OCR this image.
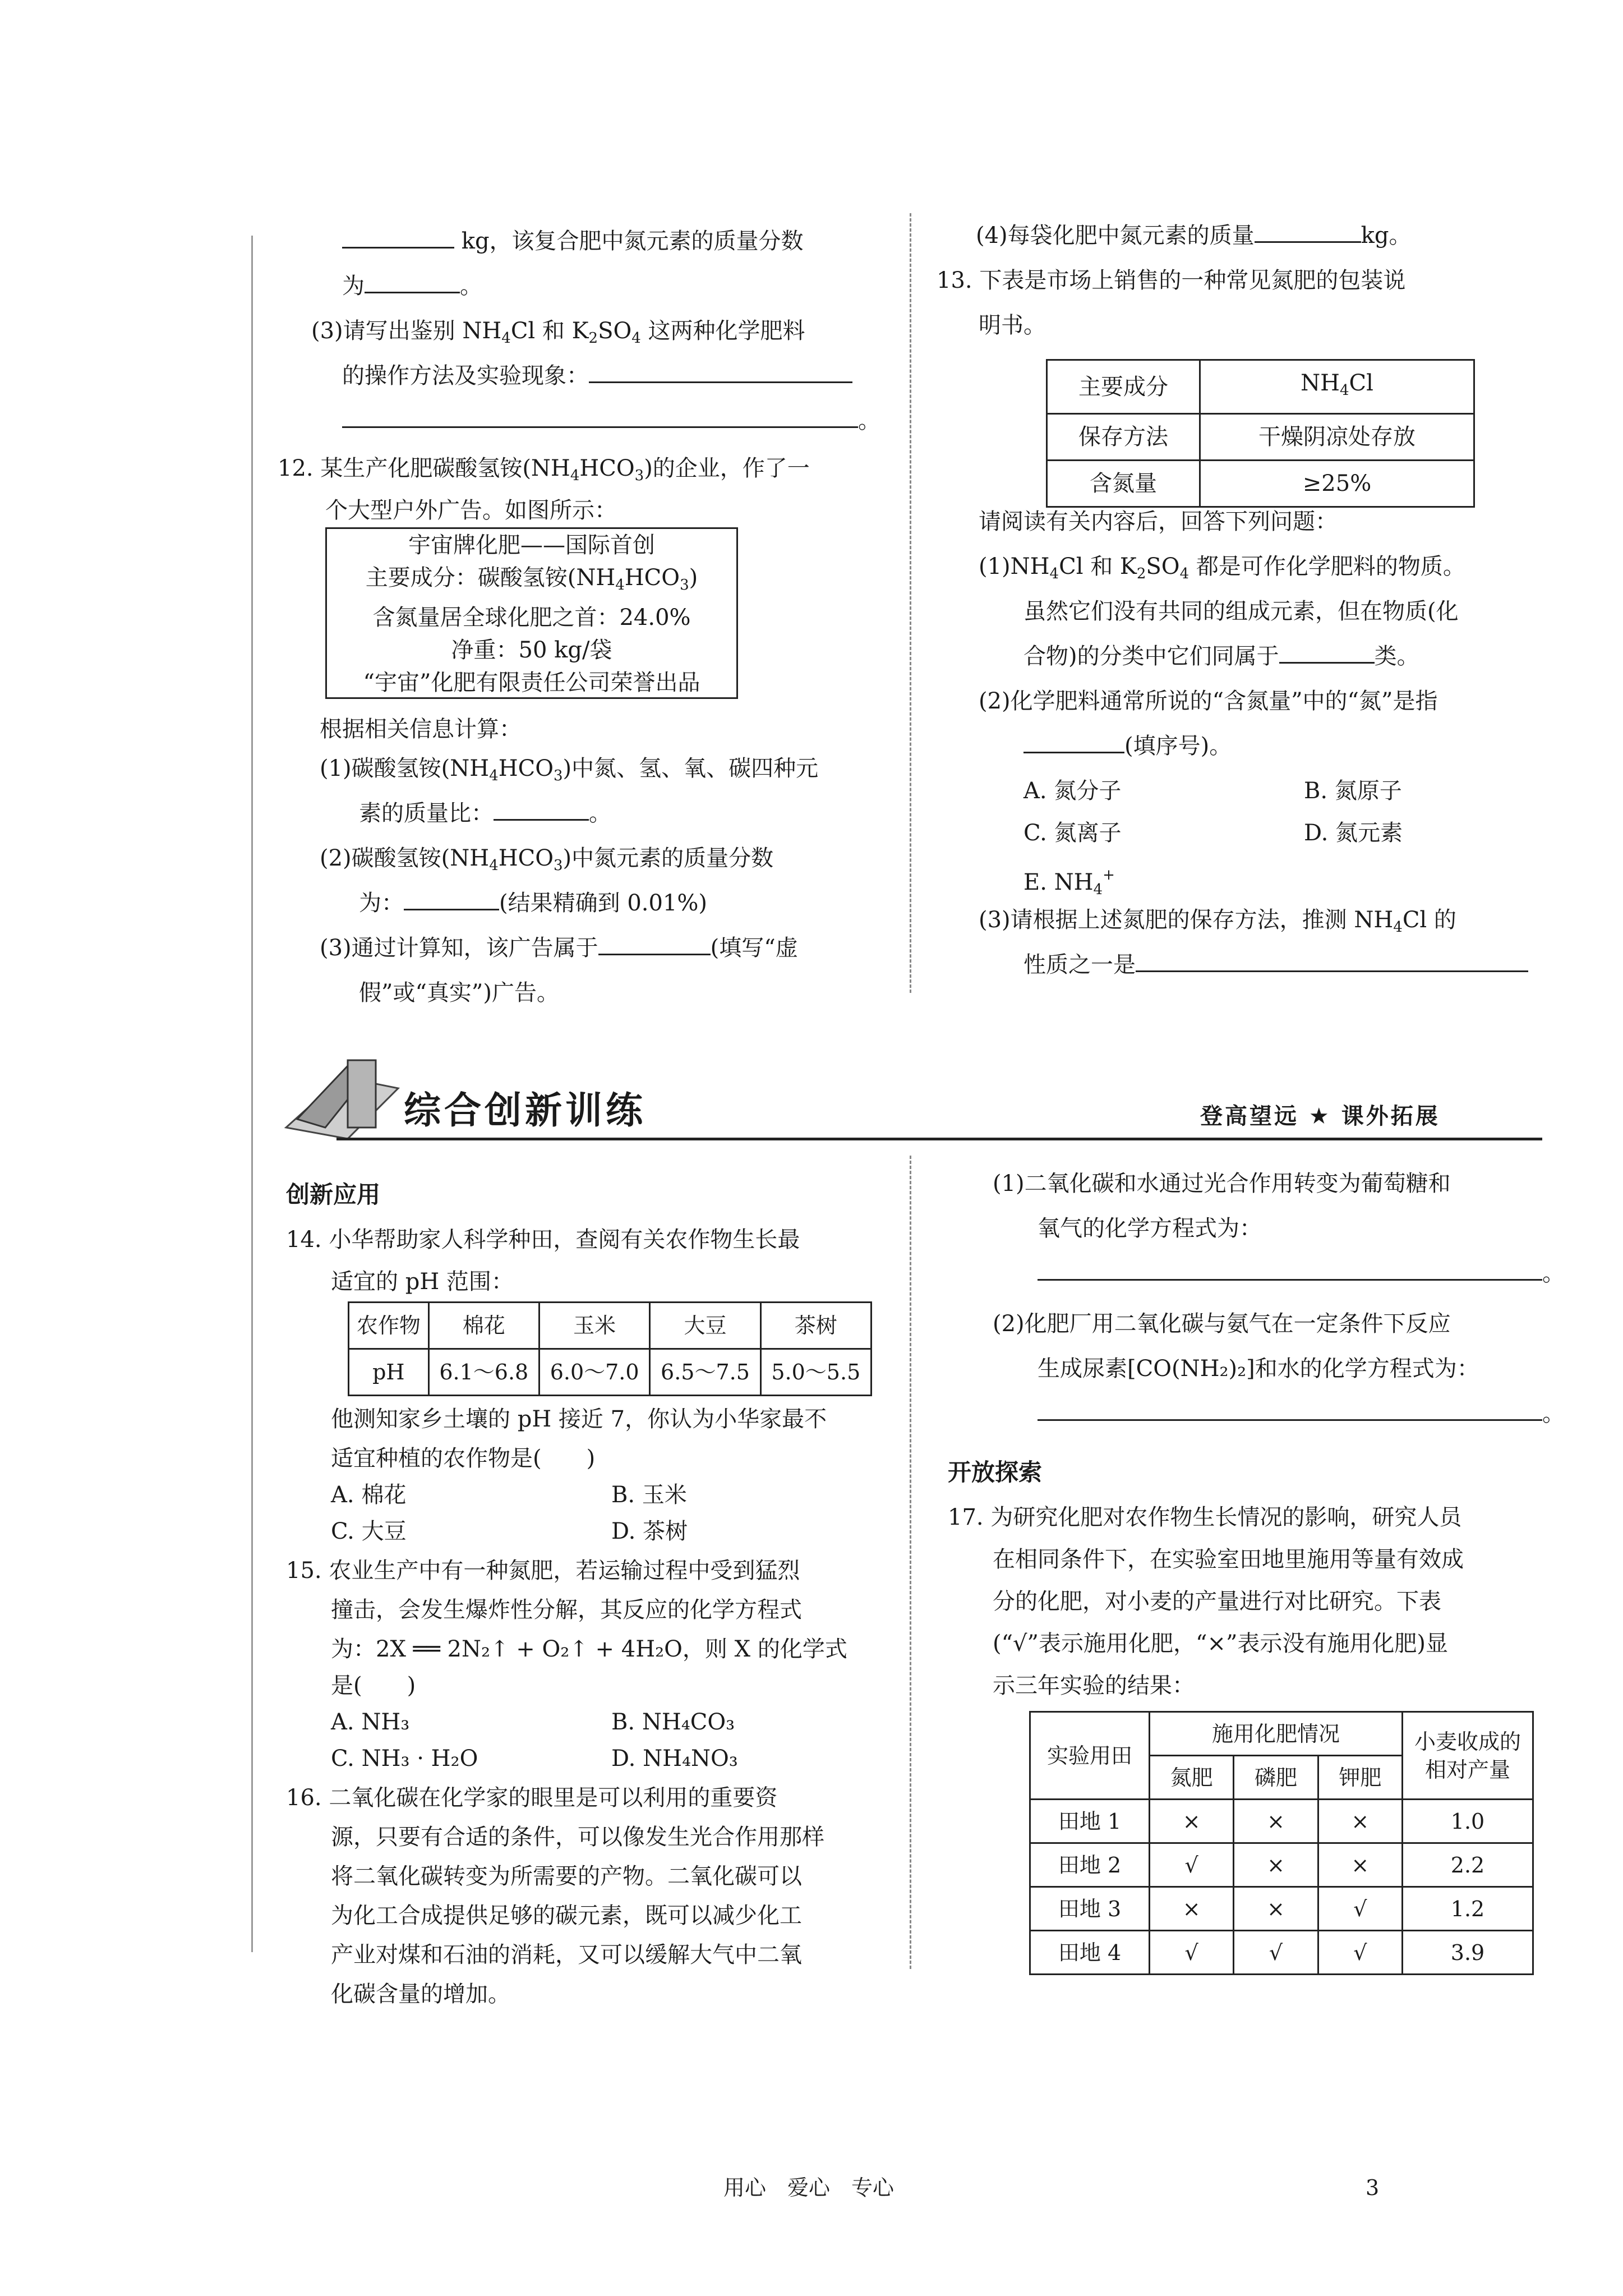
kg，该复合肥中氮元素的质量分数
为	。
(3)请写出鉴别 $NH_4Cl$ 和 $K_2SO_4$ 这两种化学肥料
的操作方法及实验现象：
。
12. 某生产化肥碳酸氢铵$(NH_4HCO_3)$的企业，作了一
个大型户外广告。如图所示：
宇宙牌化肥——国际首创
主要成分：碳酸氢铵$(NH_4HCO_3)$
含氮量居全球化肥之首：24.0%
净重：50 kg/袋
“宇宙”化肥有限责任公司荣誉出品
根据相关信息计算：
(1)碳酸氢铵$(NH_4HCO_3)$中氮、氢、氧、碳四种元
素的质量比：	。
(2)碳酸氢铵$(NH_4HCO_3)$中氮元素的质量分数
为：	(结果精确到 0.01%)
(3)通过计算知，该广告属于	(填写“虚
假”或“真实”)广告。
(4)每袋化肥中氮元素的质量	kg。
13. 下表是市场上销售的一种常见氮肥的包装说
明书。
主要成分	$NH_4Cl$
保存方法	干燥阴凉处存放
含氮量	≥25%
请阅读有关内容后，回答下列问题：
$(1)NH_4Cl$ 和 $K_2SO_4$ 都是可作化学肥料的物质。
虽然它们没有共同的组成元素，但在物质(化
合物)的分类中它们同属于	类。
(2)化学肥料通常所说的“含氮量”中的“氮”是指
(填序号)。
A. 氮分子	B. 氮原子
C. 氮离子	D. 氮元素
E. $NH_4^+$
(3)请根据上述氮肥的保存方法，推测 $NH_4Cl$ 的
性质之一是
综合创新训练	登高望远 ★ 课外拓展
创新应用
14. 小华帮助家人科学种田，查阅有关农作物生长最
适宜的 pH 范围：
农作物	棉花	玉米	大豆	茶树
pH	6.1～6.8	6.0～7.0	6.5～7.5	5.0～5.5
他测知家乡土壤的 pH 接近 7，你认为小华家最不
适宜种植的农作物是(　　)
A. 棉花	B. 玉米
C. 大豆	D. 茶树
15. 农业生产中有一种氮肥，若运输过程中受到猛烈
撞击，会发生爆炸性分解，其反应的化学方程式
为：2X ══ 2N₂↑ + O₂↑ + 4H₂O，则 X 的化学式
是(　　)
A. NH₃	B. NH₄CO₃
C. NH₃ · H₂O	D. NH₄NO₃
16. 二氧化碳在化学家的眼里是可以利用的重要资
源，只要有合适的条件，可以像发生光合作用那样
将二氧化碳转变为所需要的产物。二氧化碳可以
为化工合成提供足够的碳元素，既可以减少化工
产业对煤和石油的消耗，又可以缓解大气中二氧
化碳含量的增加。
(1)二氧化碳和水通过光合作用转变为葡萄糖和
氧气的化学方程式为：
。
(2)化肥厂用二氧化碳与氨气在一定条件下反应
生成尿素[CO(NH₂)₂]和水的化学方程式为：
。
开放探索
17. 为研究化肥对农作物生长情况的影响，研究人员
在相同条件下，在实验室田地里施用等量有效成
分的化肥，对小麦的产量进行对比研究。下表
(“√”表示施用化肥，“×”表示没有施用化肥)显
示三年实验的结果：
实验用田	施用化肥情况			小麦收成的
相对产量

	氮肥	磷肥	钾肥	
田地 1	×	×	×	1.0
田地 2	√	×	×	2.2
田地 3	×	×	√	1.2
田地 4	√	√	√	3.9
用心　爱心　专心	3
